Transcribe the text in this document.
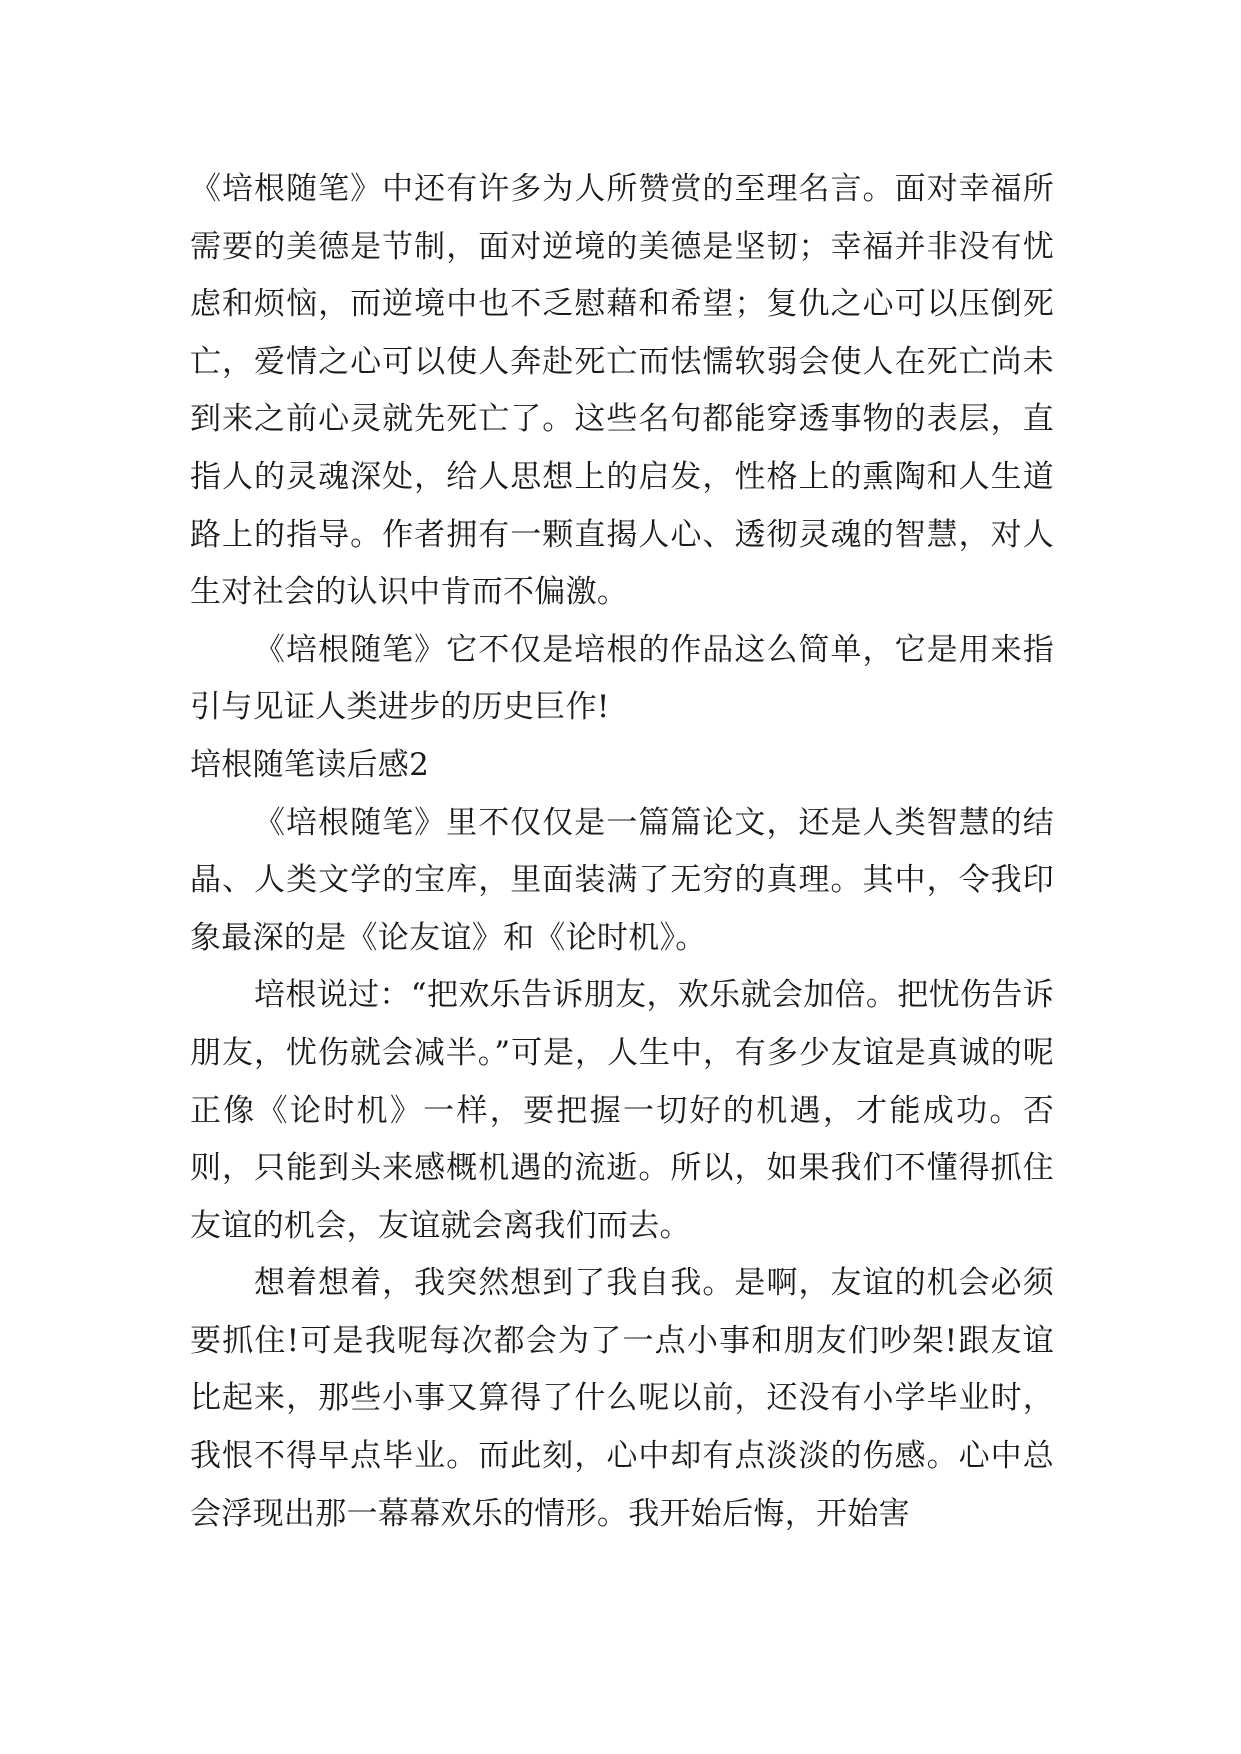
《培根随笔》中还有许多为人所赞赏的至理名言。面对幸福所需要的美德是节制，面对逆境的美德是坚韧；幸福并非没有忧虑和烦恼，而逆境中也不乏慰藉和希望；复仇之心可以压倒死亡，爱情之心可以使人奔赴死亡而怯懦软弱会使人在死亡尚未到来之前心灵就先死亡了。这些名句都能穿透事物的表层，直指人的灵魂深处，给人思想上的启发，性格上的熏陶和人生道路上的指导。作者拥有一颗直揭人心、透彻灵魂的智慧，对人生对社会的认识中肯而不偏激。

《培根随笔》它不仅是培根的作品这么简单，它是用来指引与见证人类进步的历史巨作!

培根随笔读后感2

《培根随笔》里不仅仅是一篇篇论文，还是人类智慧的结晶、人类文学的宝库，里面装满了无穷的真理。其中，令我印象最深的是《论友谊》和《论时机》。

培根说过：“把欢乐告诉朋友，欢乐就会加倍。把忧伤告诉朋友，忧伤就会减半。”可是，人生中，有多少友谊是真诚的呢正像《论时机》一样，要把握一切好的机遇，才能成功。否则，只能到头来感概机遇的流逝。所以，如果我们不懂得抓住友谊的机会，友谊就会离我们而去。

想着想着，我突然想到了我自我。是啊，友谊的机会必须要抓住!可是我呢每次都会为了一点小事和朋友们吵架!跟友谊比起来，那些小事又算得了什么呢以前，还没有小学毕业时，我恨不得早点毕业。而此刻，心中却有点淡淡的伤感。心中总会浮现出那一幕幕欢乐的情形。我开始后悔，开始害
